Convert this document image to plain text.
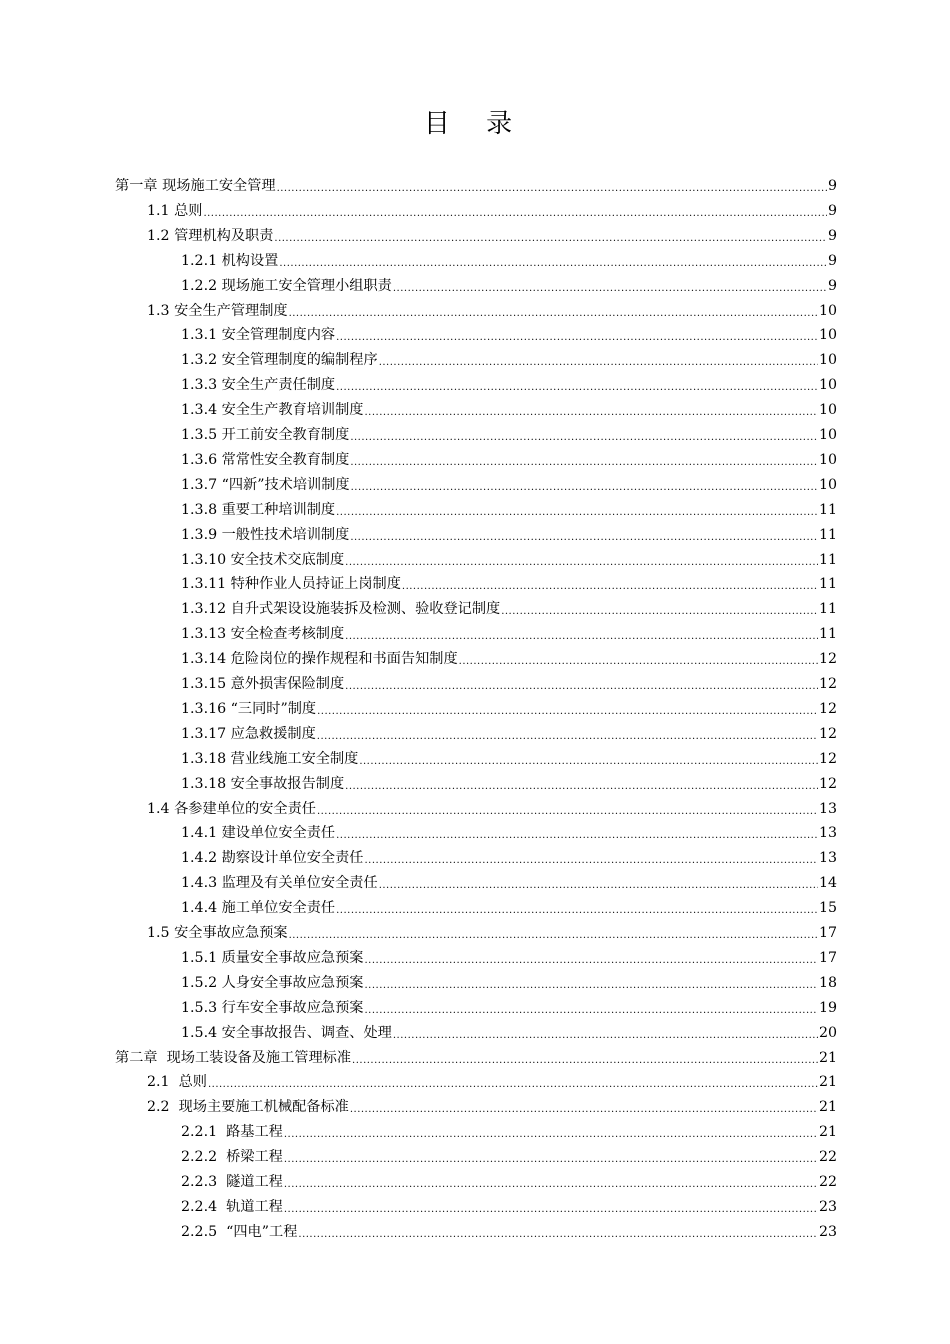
目 录
第一章 现场施工安全管理 .....	9
1.1 总则 .....	9
1.2 管理机构及职责 .....	9
1.2.1 机构设置 .....	9
1.2.2 现场施工安全管理小组职责 .....	9
1.3 安全生产管理制度 .....	10
1.3.1 安全管理制度内容 .....	10
1.3.2 安全管理制度的编制程序 .....	10
1.3.3 安全生产责任制度 .....	10
1.3.4 安全生产教育培训制度 .....	10
1.3.5 开工前安全教育制度 .....	10
1.3.6 常常性安全教育制度 .....	10
1.3.7 “四新”技术培训制度 .....	10
1.3.8 重要工种培训制度 .....	11
1.3.9 一般性技术培训制度 .....	11
1.3.10 安全技术交底制度 .....	11
1.3.11 特种作业人员持证上岗制度 .....	11
1.3.12 自升式架设设施装拆及检测、验收登记制度 .....	11
1.3.13 安全检查考核制度 .....	11
1.3.14 危险岗位的操作规程和书面告知制度 .....	12
1.3.15 意外损害保险制度 .....	12
1.3.16 “三同时”制度 .....	12
1.3.17 应急救援制度 .....	12
1.3.18 营业线施工安全制度 .....	12
1.3.18 安全事故报告制度 .....	12
1.4 各参建单位的安全责任 .....	13
1.4.1 建设单位安全责任 .....	13
1.4.2 勘察设计单位安全责任 .....	13
1.4.3 监理及有关单位安全责任 .....	14
1.4.4 施工单位安全责任 .....	15
1.5 安全事故应急预案 .....	17
1.5.1 质量安全事故应急预案 .....	17
1.5.2 人身安全事故应急预案 .....	18
1.5.3 行车安全事故应急预案 .....	19
1.5.4 安全事故报告、调查、处理 .....	20
第二章  现场工装设备及施工管理标准 .....	21
2.1  总则 .....	21
2.2  现场主要施工机械配备标准 .....	21
2.2.1  路基工程 .....	21
2.2.2  桥梁工程 .....	22
2.2.3  隧道工程 .....	22
2.2.4  轨道工程 .....	23
2.2.5  “四电”工程 .....	23
